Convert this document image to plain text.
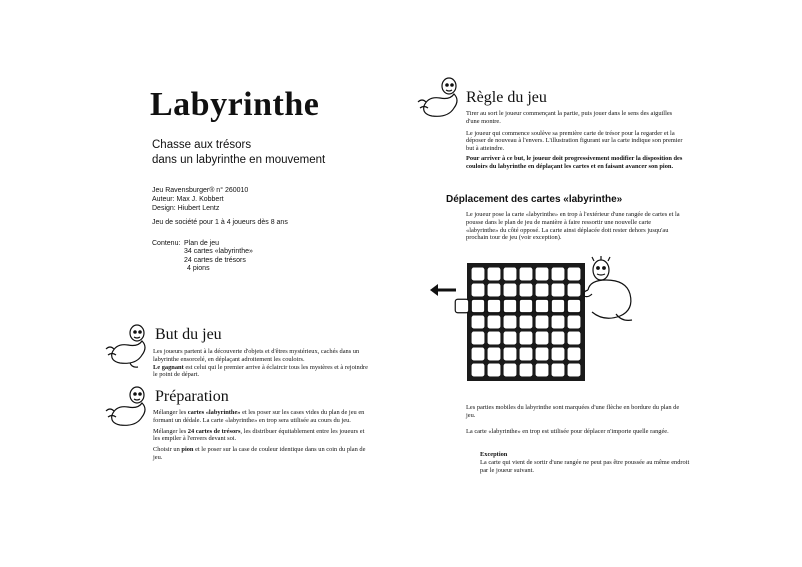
Labyrinthe
Chasse aux trésors
dans un labyrinthe en mouvement
Jeu Ravensburger® n° 260010
Auteur: Max J. Kobbert
Design: Hiubert Lentz
Jeu de société pour 1 à 4 joueurs dès 8 ans
Contenu: Plan de jeu
34 cartes «labyrinthe»
24 cartes de trésors
4 pions
But du jeu
Les joueurs partent à la découverte d'objets et d'êtres mystérieux, cachés dans un labyrinthe ensorcelé, en déplaçant adroitement les couloirs.
Le gagnant est celui qui le premier arrive à éclaircir tous les mystères et à rejoindre le point de départ.
Préparation
Mélanger les cartes «labyrinthe» et les poser sur les cases vides du plan de jeu en formant un dédale. La carte «labyrinthe» en trop sera utilisée au cours du jeu.
Mélanger les 24 cartes de trésors, les distribuer équitablement entre les joueurs et les empiler à l'envers devant soi.
Choisir un pion et le poser sur la case de couleur identique dans un coin du plan de jeu.
Règle du jeu
Tirer au sort le joueur commençant la partie, puis jouer dans le sens des aiguilles d'une montre.
Le joueur qui commence soulève sa première carte de trésor pour la regarder et la déposer de nouveau à l'envers. L'illustration figurant sur la carte indique son premier but à atteindre.
Pour arriver à ce but, le joueur doit progressivement modifier la disposition des couloirs du labyrinthe en déplaçant les cartes et en faisant avancer son pion.
Déplacement des cartes «labyrinthe»
Le joueur pose la carte «labyrinthe» en trop à l'extérieur d'une rangée de cartes et la pousse dans le plan de jeu de manière à faire ressortir une nouvelle carte «labyrinthe» du côté opposé. La carte ainsi déplacée doit rester dehors jusqu'au prochain tour de jeu (voir exception).
Les parties mobiles du labyrinthe sont marquées d'une flèche en bordure du plan de jeu.
La carte «labyrinthe» en trop est utilisée pour déplacer n'importe quelle rangée.
Exception
La carte qui vient de sortir d'une rangée ne peut pas être poussée au même endroit par le joueur suivant.
